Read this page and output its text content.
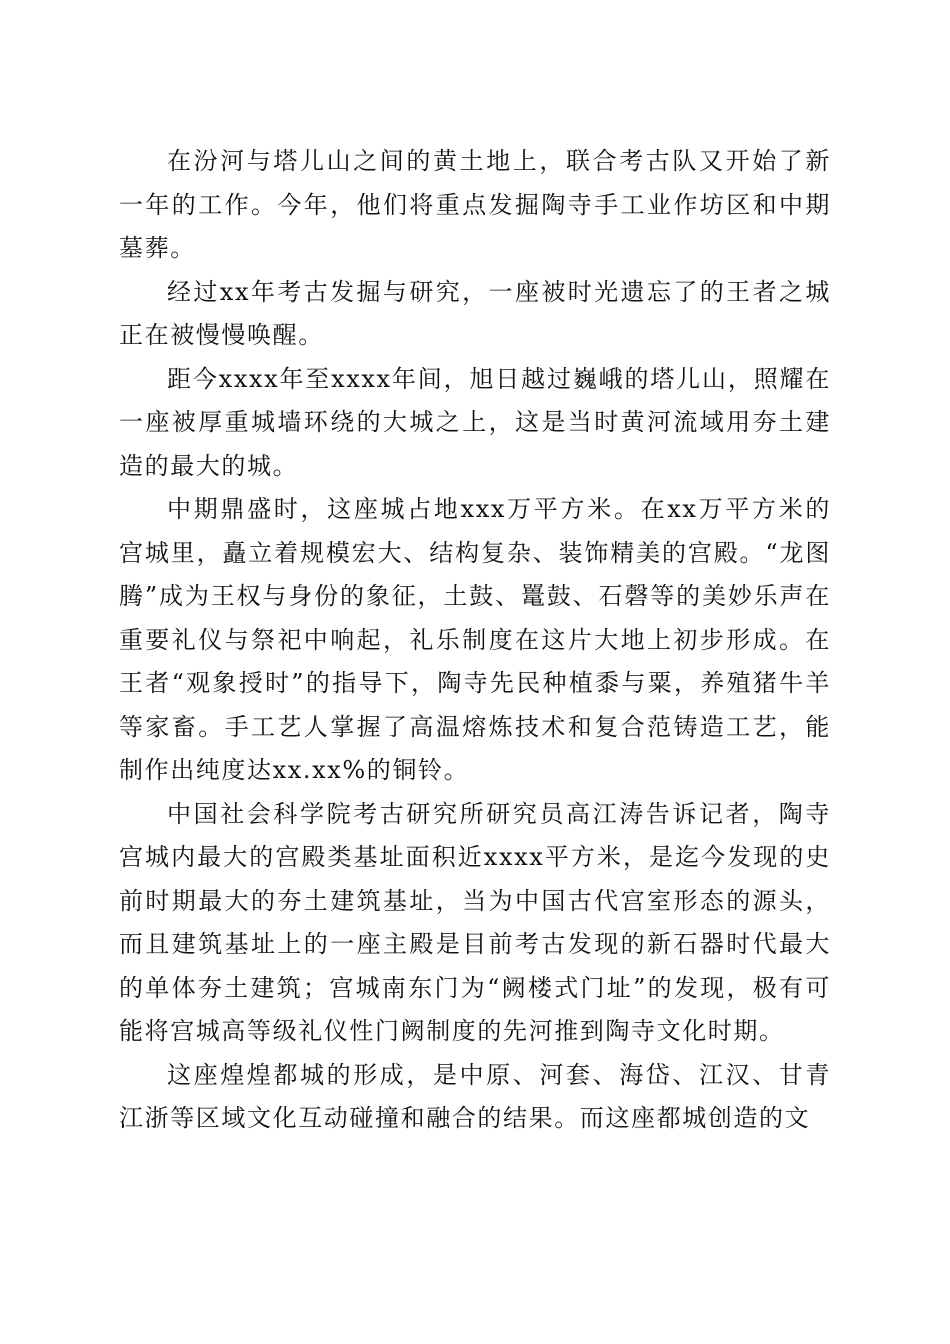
在汾河与塔儿山之间的黄土地上，联合考古队又开始了新一年的工作。今年，他们将重点发掘陶寺手工业作坊区和中期墓葬。

经过xx年考古发掘与研究，一座被时光遗忘了的王者之城正在被慢慢唤醒。

距今xxxx年至xxxx年间，旭日越过巍峨的塔儿山，照耀在一座被厚重城墙环绕的大城之上，这是当时黄河流域用夯土建造的最大的城。

中期鼎盛时，这座城占地xxx万平方米。在xx万平方米的宫城里，矗立着规模宏大、结构复杂、装饰精美的宫殿。“龙图腾”成为王权与身份的象征，土鼓、鼍鼓、石磬等的美妙乐声在重要礼仪与祭祀中响起，礼乐制度在这片大地上初步形成。在王者“观象授时”的指导下，陶寺先民种植黍与粟，养殖猪牛羊等家畜。手工艺人掌握了高温熔炼技术和复合范铸造工艺，能制作出纯度达xx.xx%的铜铃。

中国社会科学院考古研究所研究员高江涛告诉记者，陶寺宫城内最大的宫殿类基址面积近xxxx平方米，是迄今发现的史前时期最大的夯土建筑基址，当为中国古代宫室形态的源头，而且建筑基址上的一座主殿是目前考古发现的新石器时代最大的单体夯土建筑；宫城南东门为“阙楼式门址”的发现，极有可能将宫城高等级礼仪性门阙制度的先河推到陶寺文化时期。

这座煌煌都城的形成，是中原、河套、海岱、江汉、甘青江浙等区域文化互动碰撞和融合的结果。而这座都城创造的文
